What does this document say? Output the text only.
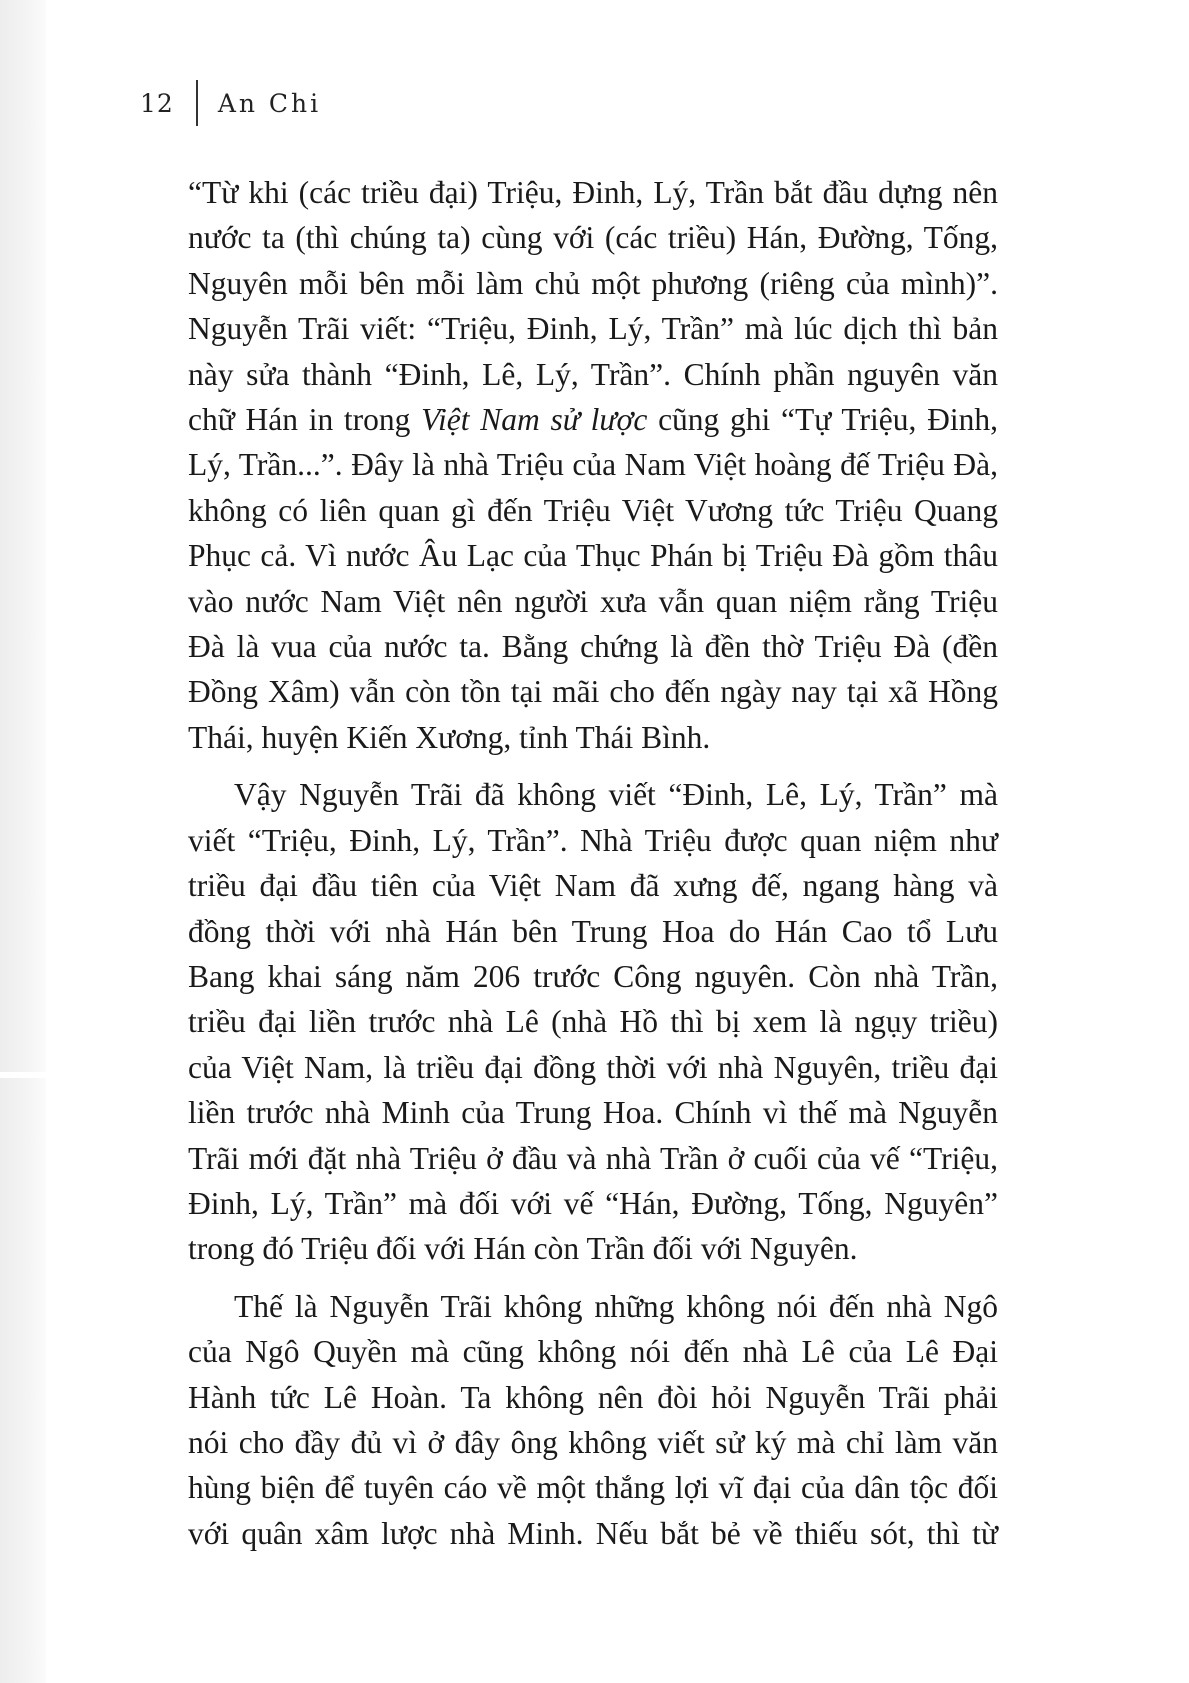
12 An Chi

“Từ khi (các triều đại) Triệu, Đinh, Lý, Trần bắt đầu dựng nên
nước ta (thì chúng ta) cùng với (các triều) Hán, Đường, Tống,
Nguyên mỗi bên mỗi làm chủ một phương (riêng của mình)”.
Nguyễn Trãi viết: “Triệu, Đinh, Lý, Trần” mà lúc dịch thì bản
này sửa thành “Đinh, Lê, Lý, Trần”. Chính phần nguyên văn
chữ Hán in trong Việt Nam sử lược cũng ghi “Tự Triệu, Đinh,
Lý, Trần...”. Đây là nhà Triệu của Nam Việt hoàng đế Triệu Đà,
không có liên quan gì đến Triệu Việt Vương tức Triệu Quang
Phục cả. Vì nước Âu Lạc của Thục Phán bị Triệu Đà gồm thâu
vào nước Nam Việt nên người xưa vẫn quan niệm rằng Triệu
Đà là vua của nước ta. Bằng chứng là đền thờ Triệu Đà (đền
Đồng Xâm) vẫn còn tồn tại mãi cho đến ngày nay tại xã Hồng
Thái, huyện Kiến Xương, tỉnh Thái Bình.

Vậy Nguyễn Trãi đã không viết “Đinh, Lê, Lý, Trần” mà
viết “Triệu, Đinh, Lý, Trần”. Nhà Triệu được quan niệm như
triều đại đầu tiên của Việt Nam đã xưng đế, ngang hàng và
đồng thời với nhà Hán bên Trung Hoa do Hán Cao tổ Lưu
Bang khai sáng năm 206 trước Công nguyên. Còn nhà Trần,
triều đại liền trước nhà Lê (nhà Hồ thì bị xem là ngụy triều)
của Việt Nam, là triều đại đồng thời với nhà Nguyên, triều đại
liền trước nhà Minh của Trung Hoa. Chính vì thế mà Nguyễn
Trãi mới đặt nhà Triệu ở đầu và nhà Trần ở cuối của vế “Triệu,
Đinh, Lý, Trần” mà đối với vế “Hán, Đường, Tống, Nguyên”
trong đó Triệu đối với Hán còn Trần đối với Nguyên.

Thế là Nguyễn Trãi không những không nói đến nhà Ngô
của Ngô Quyền mà cũng không nói đến nhà Lê của Lê Đại
Hành tức Lê Hoàn. Ta không nên đòi hỏi Nguyễn Trãi phải
nói cho đầy đủ vì ở đây ông không viết sử ký mà chỉ làm văn
hùng biện để tuyên cáo về một thắng lợi vĩ đại của dân tộc đối
với quân xâm lược nhà Minh. Nếu bắt bẻ về thiếu sót, thì từ
